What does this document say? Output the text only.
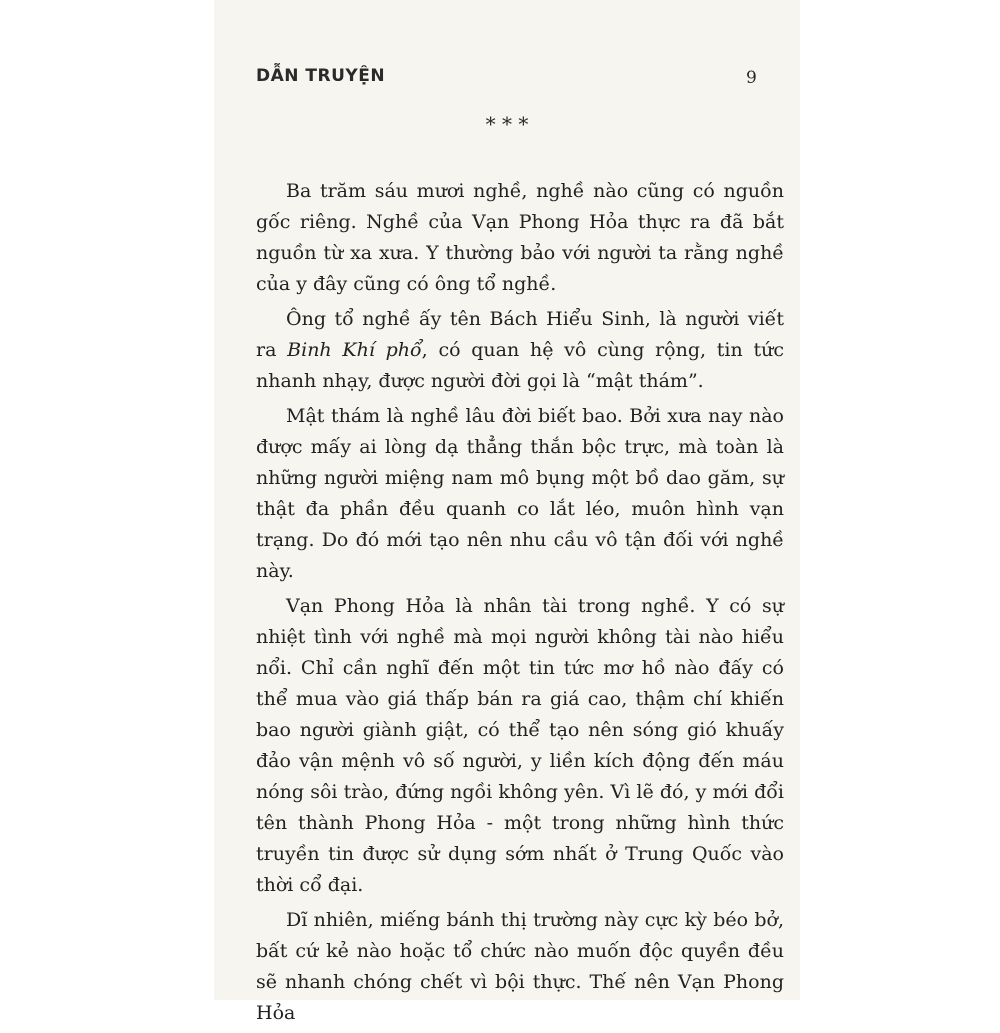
DẪN TRUYỆN	9
* * *

Ba trăm sáu mươi nghề, nghề nào cũng có nguồn gốc riêng. Nghề của Vạn Phong Hỏa thực ra đã bắt nguồn từ xa xưa. Y thường bảo với người ta rằng nghề của y đây cũng có ông tổ nghề.

Ông tổ nghề ấy tên Bách Hiểu Sinh, là người viết ra Binh Khí phổ, có quan hệ vô cùng rộng, tin tức nhanh nhạy, được người đời gọi là “mật thám”.

Mật thám là nghề lâu đời biết bao. Bởi xưa nay nào được mấy ai lòng dạ thẳng thắn bộc trực, mà toàn là những người miệng nam mô bụng một bồ dao găm, sự thật đa phần đều quanh co lắt léo, muôn hình vạn trạng. Do đó mới tạo nên nhu cầu vô tận đối với nghề này.

Vạn Phong Hỏa là nhân tài trong nghề. Y có sự nhiệt tình với nghề mà mọi người không tài nào hiểu nổi. Chỉ cần nghĩ đến một tin tức mơ hồ nào đấy có thể mua vào giá thấp bán ra giá cao, thậm chí khiến bao người giành giật, có thể tạo nên sóng gió khuấy đảo vận mệnh vô số người, y liền kích động đến máu nóng sôi trào, đứng ngồi không yên. Vì lẽ đó, y mới đổi tên thành Phong Hỏa - một trong những hình thức truyền tin được sử dụng sớm nhất ở Trung Quốc vào thời cổ đại.

Dĩ nhiên, miếng bánh thị trường này cực kỳ béo bở, bất cứ kẻ nào hoặc tổ chức nào muốn độc quyền đều sẽ nhanh chóng chết vì bội thực. Thế nên Vạn Phong Hỏa
